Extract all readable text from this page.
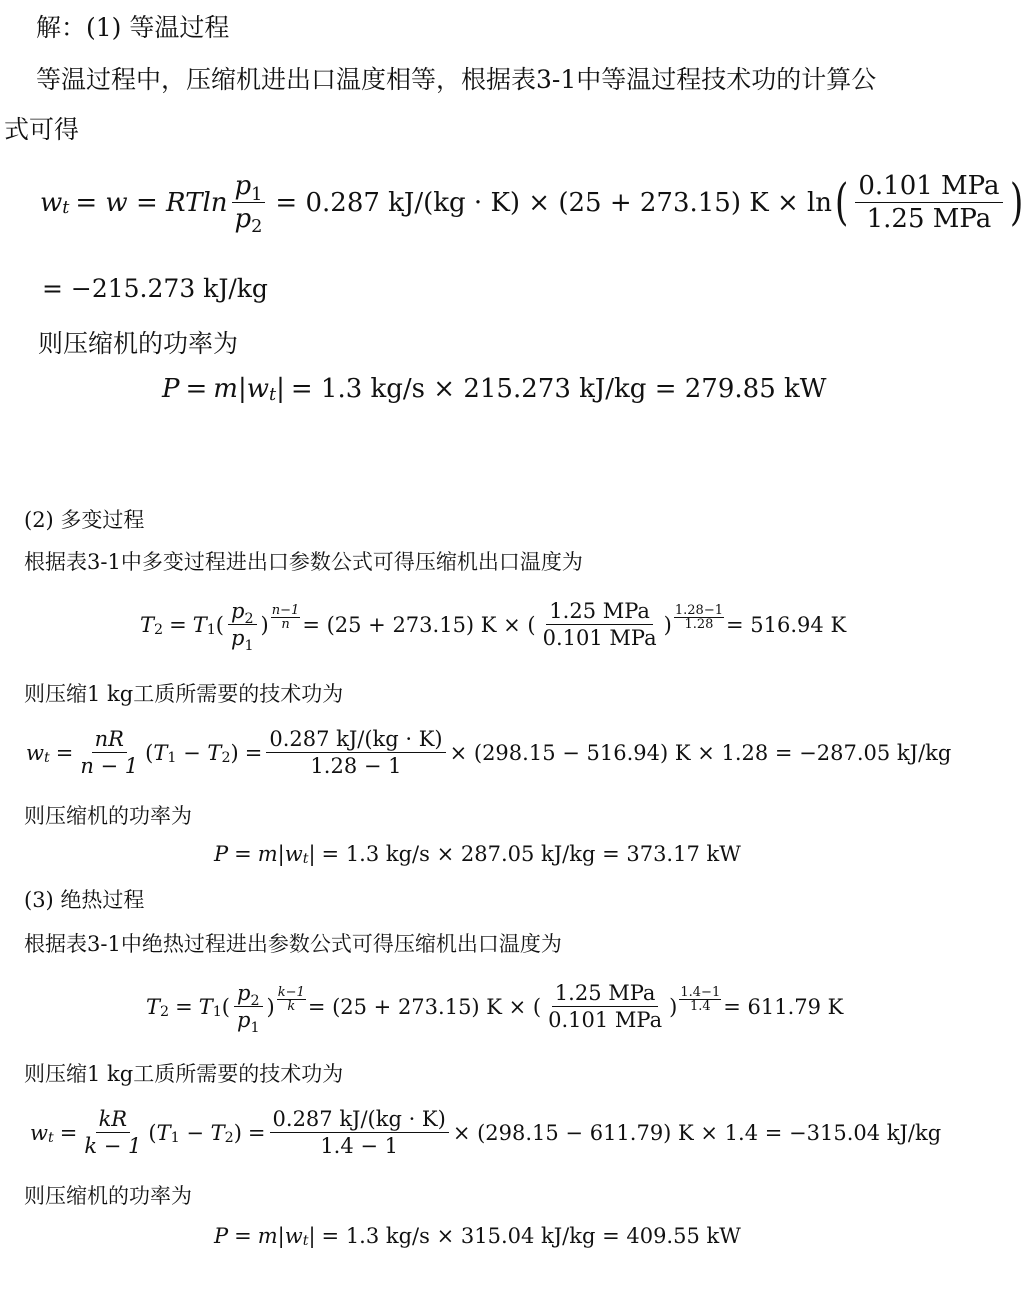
解：(1) 等温过程
等温过程中，压缩机进出口温度相等，根据表3-1中等温过程技术功的计算公
式可得
w t = w = RTln $\frac{p_1}{p_2} = 0.287$ kJ/(kg · K) × (25 + 273.15) K × ln ( $\frac{\text{0.101 MPa}}{\text{1.25 MPa}}$ )
= −215.273 kJ/kg
则压缩机的功率为
P = m | w t | = 1.3 kg/s × 215.273 kJ/kg = 279.85 kW
(2) 多变过程
根据表3-1中多变过程进出口参数公式可得压缩机出口温度为
T 2 = T 1 ( $\frac{p_2}{p_1}$ ) $\frac{n-1}{n} = (25 + 273.15) K$ × ( $\frac{\text{1.25 MPa}}{\text{0.101 MPa}}$ ) $\frac{1.28-1}{1.28} = 516.94$ K
则压缩1 kg工质所需要的技术功为
w $t = \frac{nR}{n - 1}$ ( T 1 − T 2 ) = $\frac{0.287 kJ/(kg \cdot K)}{1.28 - 1} \times (298.15 - 516.94) K \times 1.28 = -287.05$ kJ/kg
则压缩机的功率为
P = m | w t | = 1.3 kg/s × 287.05 kJ/kg = 373.17 kW
(3) 绝热过程
根据表3-1中绝热过程进出参数公式可得压缩机出口温度为
T 2 = T 1 ( $\frac{p_2}{p_1}$ ) $\frac{k-1}{k} = (25 + 273.15) K$ × ( $\frac{\text{1.25 MPa}}{\text{0.101 MPa}}$ ) $\frac{1.4-1}{1.4} = 611.79$ K
则压缩1 kg工质所需要的技术功为
w $t = \frac{kR}{k - 1}$ ( T 1 − T 2 ) = $\frac{0.287 kJ/(kg \cdot K)}{1.4 - 1} \times (298.15 - 611.79) K \times 1.4 = -315.04$ kJ/kg
则压缩机的功率为
P = m | w t | = 1.3 kg/s × 315.04 kJ/kg = 409.55 kW
